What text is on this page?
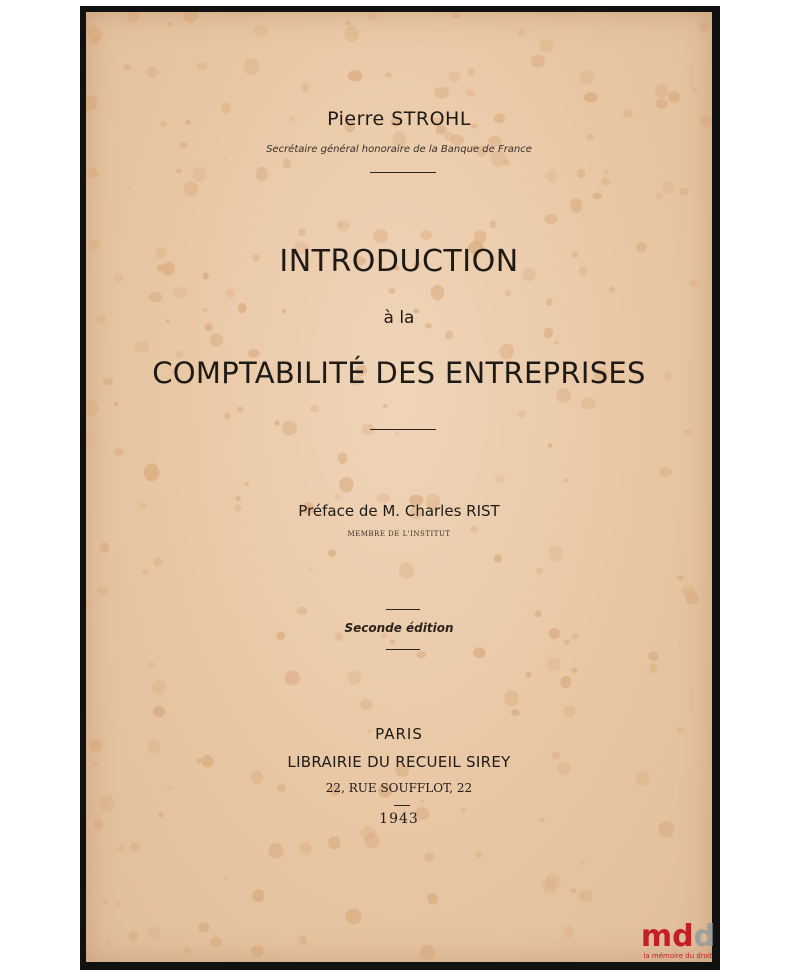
Pierre STROHL
Secrétaire général honoraire de la Banque de France
INTRODUCTION
à la
COMPTABILITÉ DES ENTREPRISES
Préface de M. Charles RIST
MEMBRE DE L'INSTITUT
Seconde édition
PARIS
LIBRAIRIE DU RECUEIL SIREY
22, RUE SOUFFLOT, 22
1943
mdd
la mémoire du droit
